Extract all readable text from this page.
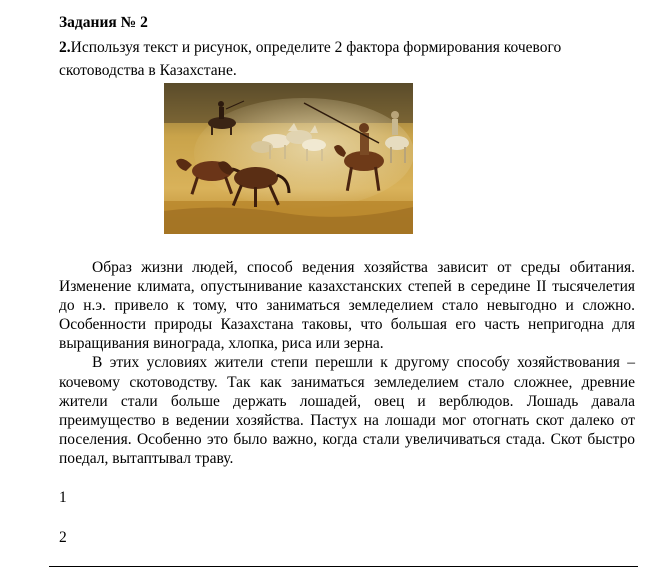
Задания № 2
2.Используя текст и рисунок, определите 2 фактора формирования кочевого скотоводства в Казахстане.

Образ жизни людей, способ ведения хозяйства зависит от среды обитания. Изменение климата, опустынивание казахстанских степей в середине II тысячелетия до н.э. привело к тому, что заниматься земледелием стало невыгодно и сложно. Особенности природы Казахстана таковы, что большая его часть непригодна для выращивания винограда, хлопка, риса или зерна.

В этих условиях жители степи перешли к другому способу хозяйствования –кочевому скотоводству. Так как заниматься земледелием стало сложнее, древние жители стали больше держать лошадей, овец и верблюдов. Лошадь давала преимущество в ведении хозяйства. Пастух на лошади мог отогнать скот далеко от поселения. Особенно это было важно, когда стали увеличиваться стада. Скот быстро поедал, вытаптывал траву.

1
2
